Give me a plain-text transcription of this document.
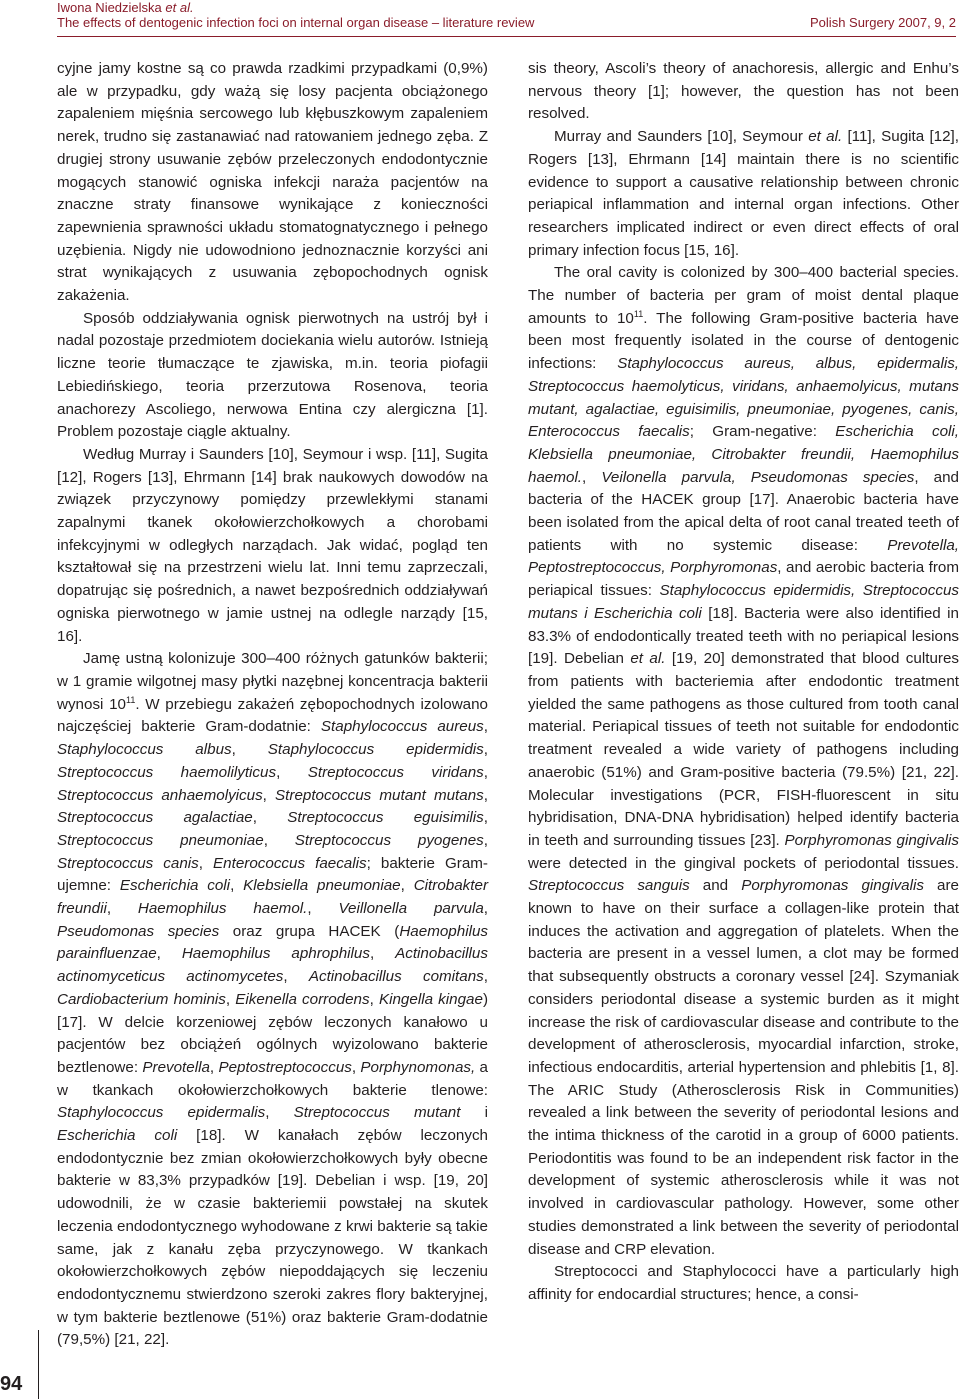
Iwona Niedzielska et al.
The effects of dentogenic infection foci on internal organ disease – literature review	Polish Surgery 2007, 9, 2

cyjne jamy kostne są co prawda rzadkimi przypadkami (0,9%) ale w przypadku, gdy ważą się losy pacjenta obciążonego zapaleniem mięśnia sercowego lub kłębuszkowym zapaleniem nerek, trudno się zastanawiać nad ratowaniem jednego zęba. Z drugiej strony usuwanie zębów przeleczonych endodontycznie mogących stanowić ogniska infekcji naraża pacjentów na znaczne straty finansowe wynikające z konieczności zapewnienia sprawności układu stomatognatycznego i pełnego uzębienia. Nigdy nie udowodniono jednoznacznie korzyści ani strat wynikających z usuwania zębopochodnych ognisk zakażenia.

Sposób oddziaływania ognisk pierwotnych na ustrój był i nadal pozostaje przedmiotem dociekania wielu autorów. Istnieją liczne teorie tłumaczące te zjawiska, m.in. teoria piofagii Lebiedińskiego, teoria przerzutowa Rosenova, teoria anachorezy Ascoliego, nerwowa Entina czy alergiczna [1]. Problem pozostaje ciągle aktualny.

Według Murray i Saunders [10], Seymour i wsp. [11], Sugita [12], Rogers [13], Ehrmann [14] brak naukowych dowodów na związek przyczynowy pomiędzy przewlekłymi stanami zapalnymi tkanek okołowierzchołkowych a chorobami infekcyjnymi w odległych narządach. Jak widać, pogląd ten kształtował się na przestrzeni wielu lat. Inni temu zaprzeczali, dopatrując się pośrednich, a nawet bezpośrednich oddziaływań ogniska pierwotnego w jamie ustnej na odlegle narządy [15, 16].

Jamę ustną kolonizuje 300–400 różnych gatunków bakterii; w 1 gramie wilgotnej masy płytki nazębnej koncentracja bakterii wynosi $10^{11}$. W przebiegu zakażeń zębopochodnych izolowano najczęściej bakterie Gram-dodatnie: Staphylococcus aureus, Staphylococcus albus, Staphylococcus epidermidis, Streptococcus haemolilyticus, Streptococcus viridans, Streptococcus anhaemolyicus, Streptococcus mutant mutans, Streptococcus agalactiae, Streptococcus eguisimilis, Streptococcus pneumoniae, Streptococcus pyogenes, Streptococcus canis, Enterococcus faecalis; bakterie Gram-ujemne: Escherichia coli, Klebsiella pneumoniae, Citrobakter freundii, Haemophilus haemol., Veillonella parvula, Pseudomonas species oraz grupa HACEK (Haemophilus parainfluenzae, Haemophilus aphrophilus, Actinobacillus actinomyceticus actinomycetes, Actinobacillus comitans, Cardiobacterium hominis, Eikenella corrodens, Kingella kingae) [17]. W delcie korzeniowej zębów leczonych kanałowo u pacjentów bez obciążeń ogólnych wyizolowano bakterie beztlenowe: Prevotella, Peptostreptococcus, Porphynomonas, a w tkankach okołowierzchołkowych bakterie tlenowe: Staphylococcus epidermalis, Streptococcus mutant i Escherichia coli [18]. W kanałach zębów leczonych endodontycznie bez zmian okołowierzchołkowych były obecne bakterie w 83,3% przypadków [19]. Debelian i wsp. [19, 20] udowodnili, że w czasie bakteriemii powstałej na skutek leczenia endodontycznego wyhodowane z krwi bakterie są takie same, jak z kanału zęba przyczynowego. W tkankach okołowierzchołkowych zębów niepoddających się leczeniu endodontycznemu stwierdzono szeroki zakres flory bakteryjnej, w tym bakterie beztlenowe (51%) oraz bakterie Gram-dodatnie (79,5%) [21, 22].

sis theory, Ascoli’s theory of anachoresis, allergic and Enhu’s nervous theory [1]; however, the question has not been resolved.

Murray and Saunders [10], Seymour et al. [11], Sugita [12], Rogers [13], Ehrmann [14] maintain there is no scientific evidence to support a causative relationship between chronic periapical inflammation and internal organ infections. Other researchers implicated indirect or even direct effects of oral primary infection focus [15, 16].

The oral cavity is colonized by 300–400 bacterial species. The number of bacteria per gram of moist dental plaque amounts to $10^{11}$. The following Gram-positive bacteria have been most frequently isolated in the course of dentogenic infections: Staphylococcus aureus, albus, epidermalis, Streptococcus haemolyticus, viridans, anhaemolyicus, mutans mutant, agalactiae, eguisimilis, pneumoniae, pyogenes, canis, Enterococcus faecalis; Gram-negative: Escherichia coli, Klebsiella pneumoniae, Citrobakter freundii, Haemophilus haemol., Veilonella parvula, Pseudomonas species, and bacteria of the HACEK group [17]. Anaerobic bacteria have been isolated from the apical delta of root canal treated teeth of patients with no systemic disease: Prevotella, Peptostreptococcus, Porphyromonas, and aerobic bacteria from periapical tissues: Staphylococcus epidermidis, Streptococcus mutans i Escherichia coli [18]. Bacteria were also identified in 83.3% of endodontically treated teeth with no periapical lesions [19]. Debelian et al. [19, 20] demonstrated that blood cultures from patients with bacteriemia after endodontic treatment yielded the same pathogens as those cultured from tooth canal material. Periapical tissues of teeth not suitable for endodontic treatment revealed a wide variety of pathogens including anaerobic (51%) and Gram-positive bacteria (79.5%) [21, 22]. Molecular investigations (PCR, FISH-fluorescent in situ hybridisation, DNA-DNA hybridisation) helped identify bacteria in teeth and surrounding tissues [23]. Porphyromonas gingivalis were detected in the gingival pockets of periodontal tissues. Streptococcus sanguis and Porphyromonas gingivalis are known to have on their surface a collagen-like protein that induces the activation and aggregation of platelets. When the bacteria are present in a vessel lumen, a clot may be formed that subsequently obstructs a coronary vessel [24]. Szymaniak considers periodontal disease a systemic burden as it might increase the risk of cardiovascular disease and contribute to the development of atherosclerosis, myocardial infarction, stroke, infectious endocarditis, arterial hypertension and phlebitis [1, 8]. The ARIC Study (Atherosclerosis Risk in Communities) revealed a link between the severity of periodontal lesions and the intima thickness of the carotid in a group of 6000 patients. Periodontitis was found to be an independent risk factor in the development of systemic atherosclerosis while it was not involved in cardiovascular pathology. However, some other studies demonstrated a link between the severity of periodontal disease and CRP elevation.

Streptococci and Staphylococci have a particularly high affinity for endocardial structures; hence, a consi-

94
